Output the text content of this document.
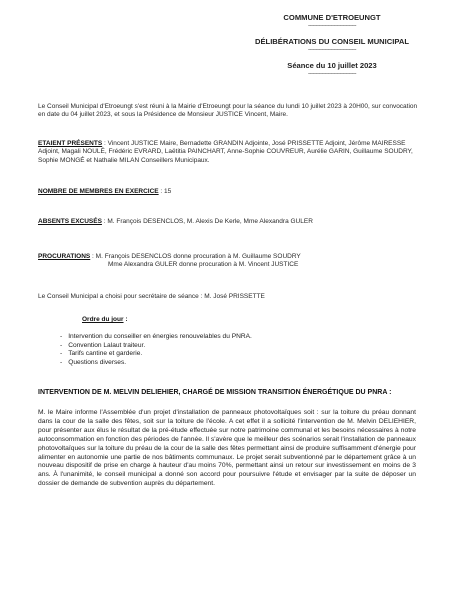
COMMUNE D'ETROEUNGT
--------------------------------
DÉLIBÉRATIONS DU CONSEIL MUNICIPAL
--------------------------------
Séance du 10 juillet 2023
--------------------------------
Le Conseil Municipal d'Etroeungt s'est réuni à la Mairie d'Etroeungt pour la séance du lundi 10 juillet 2023 à 20H00, sur convocation en date du 04 juillet 2023, et sous la Présidence de Monsieur JUSTICE Vincent, Maire.
ETAIENT PRÉSENTS : Vincent JUSTICE Maire, Bernadette GRANDIN Adjointe, José PRISSETTE Adjoint, Jérôme MAIRESSE Adjoint, Magali NOULÉ, Frédéric EVRARD, Laëtitia PAINCHART, Anne-Sophie COUVREUR, Aurélie GARIN, Guillaume SOUDRY, Sophie MONGÉ et Nathalie MILAN Conseillers Municipaux.
NOMBRE DE MEMBRES EN EXERCICE : 15
ABSENTS EXCUSÉS : M. François DESENCLOS, M. Alexis De Kerle, Mme Alexandra GULER
PROCURATIONS : M. François DESENCLOS donne procuration à M. Guillaume SOUDRY
Mme Alexandra GULER donne procuration à M. Vincent JUSTICE
Le Conseil Municipal a choisi pour secrétaire de séance : M. José PRISSETTE
Ordre du jour :
- Intervention du conseiller en énergies renouvelables du PNRA.
- Convention Lalaut traiteur.
- Tarifs cantine et garderie.
- Questions diverses.
INTERVENTION DE M. MELVIN DELIEHIER, CHARGÉ DE MISSION TRANSITION ÉNERGÉTIQUE DU PNRA :
M. le Maire informe l'Assemblée d'un projet d'installation de panneaux photovoltaïques soit : sur la toiture du préau donnant dans la cour de la salle des fêtes, soit sur la toiture de l'école. A cet effet il a sollicité l'intervention de M. Melvin DELIEHIER, pour présenter aux élus le résultat de la pré-étude effectuée sur notre patrimoine communal et les besoins nécessaires à notre autoconsommation en fonction des périodes de l'année. Il s'avère que le meilleur des scénarios serait l'installation de panneaux photovoltaïques sur la toiture du préau de la cour de la salle des fêtes permettant ainsi de produire suffisamment d'énergie pour alimenter en autonomie une partie de nos bâtiments communaux. Le projet serait subventionné par le département grâce à un nouveau dispositif de prise en charge à hauteur d'au moins 70%, permettant ainsi un retour sur investissement en moins de 3 ans. À l'unanimité, le conseil municipal a donné son accord pour poursuivre l'étude et envisager par la suite de déposer un dossier de demande de subvention auprès du département.
